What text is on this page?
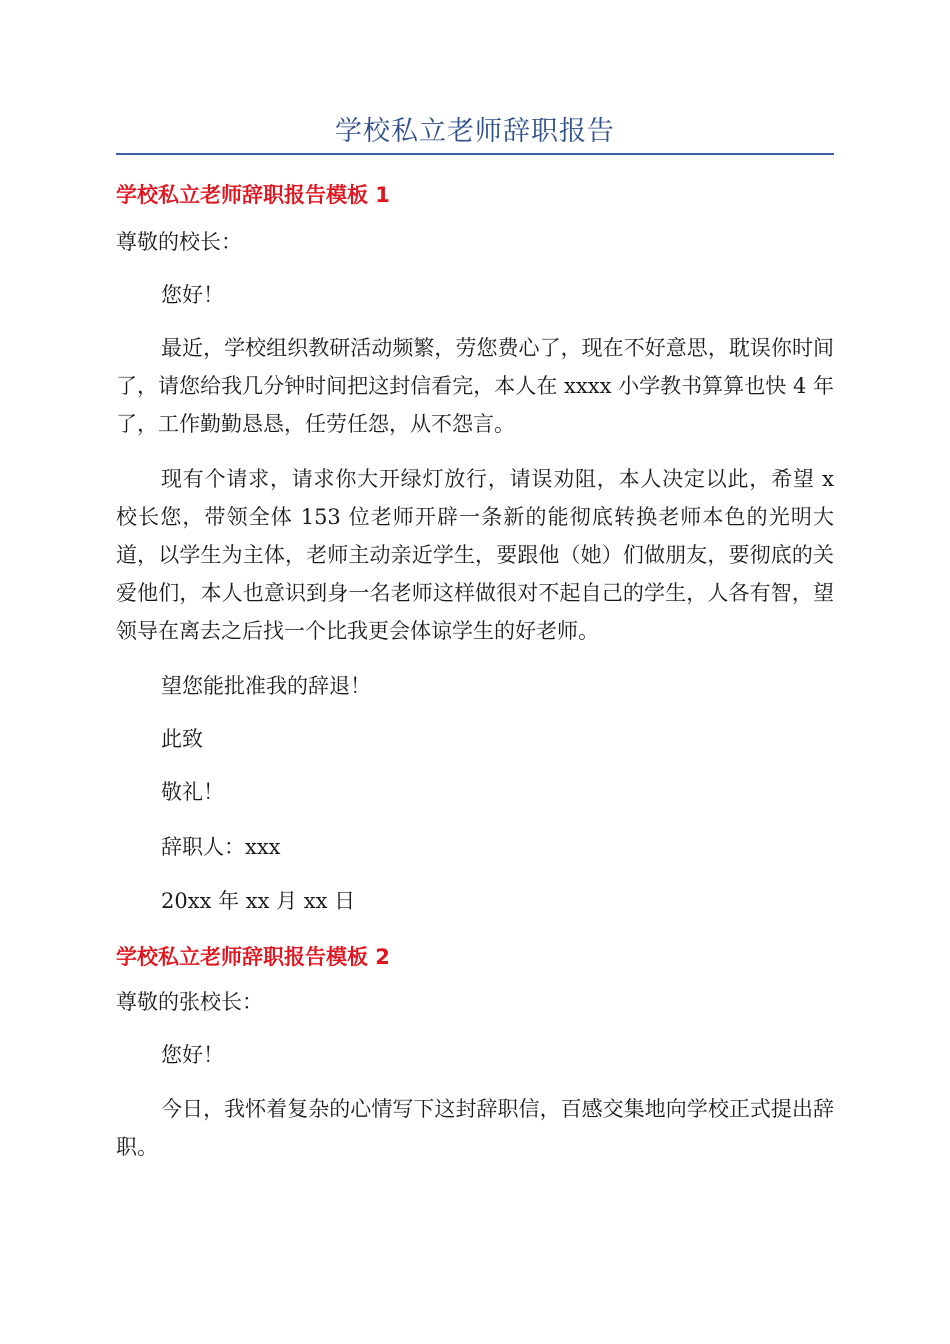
学校私立老师辞职报告
学校私立老师辞职报告模板 1

尊敬的校长：

您好！

最近，学校组织教研活动频繁，劳您费心了，现在不好意思，耽误你时间了，请您给我几分钟时间把这封信看完，本人在 xxxx 小学教书算算也快 4 年了，工作勤勤恳恳，任劳任怨，从不怨言。

现有个请求，请求你大开绿灯放行，请误劝阻，本人决定以此，希望 x 校长您，带领全体 153 位老师开辟一条新的能彻底转换老师本色的光明大道，以学生为主体，老师主动亲近学生，要跟他（她）们做朋友，要彻底的关爱他们，本人也意识到身一名老师这样做很对不起自己的学生，人各有智，望领导在离去之后找一个比我更会体谅学生的好老师。

望您能批准我的辞退！

此致

敬礼！

辞职人：xxx

20xx 年 xx 月 xx 日

学校私立老师辞职报告模板 2

尊敬的张校长：

您好！

今日，我怀着复杂的心情写下这封辞职信，百感交集地向学校正式提出辞职。
